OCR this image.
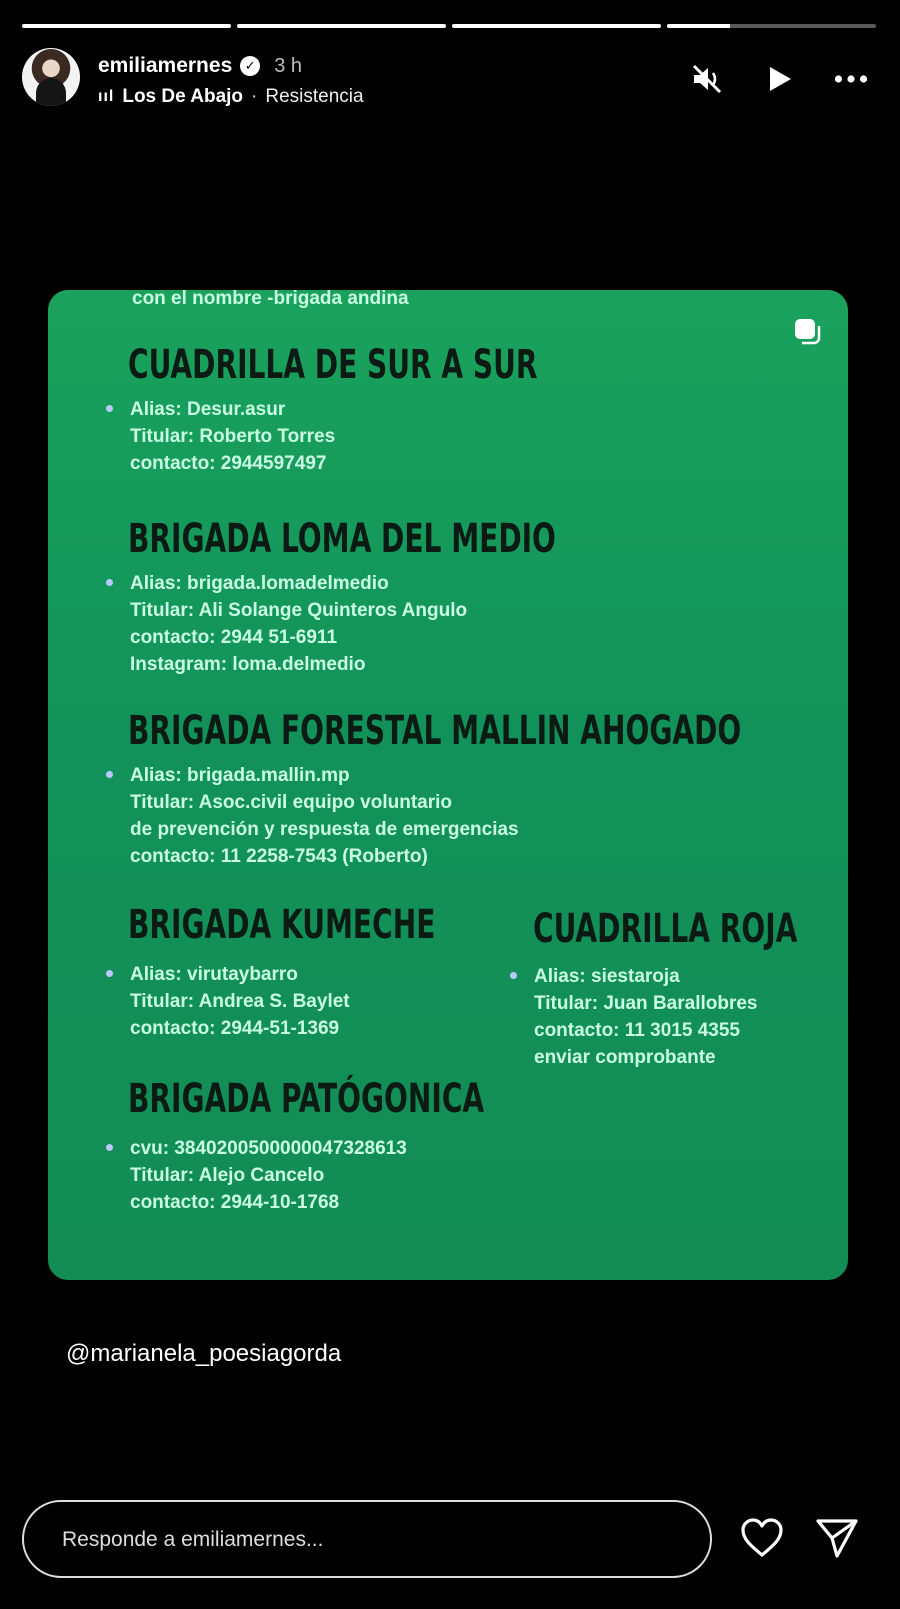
emiliamernes ✓ 3 h
ııl Los De Abajo · Resistencia
con el nombre -brigada andina
CUADRILLA DE SUR A SUR
Alias: Desur.asur
Titular: Roberto Torres
contacto: 2944597497
BRIGADA LOMA DEL MEDIO
Alias: brigada.lomadelmedio
Titular: Ali Solange Quinteros Angulo
contacto: 2944 51-6911
Instagram: loma.delmedio
BRIGADA FORESTAL MALLIN AHOGADO
Alias: brigada.mallin.mp
Titular: Asoc.civil equipo voluntario
de prevención y respuesta de emergencias
contacto: 11 2258-7543 (Roberto)
BRIGADA KUMECHE
Alias: virutaybarro
Titular: Andrea S. Baylet
contacto: 2944-51-1369
CUADRILLA ROJA
Alias: siestaroja
Titular: Juan Barallobres
contacto: 11 3015 4355
enviar comprobante
BRIGADA PATÓGONICA
cvu: 3840200500000047328613
Titular: Alejo Cancelo
contacto: 2944-10-1768
@marianela_poesiagorda
Responde a emiliamernes...
